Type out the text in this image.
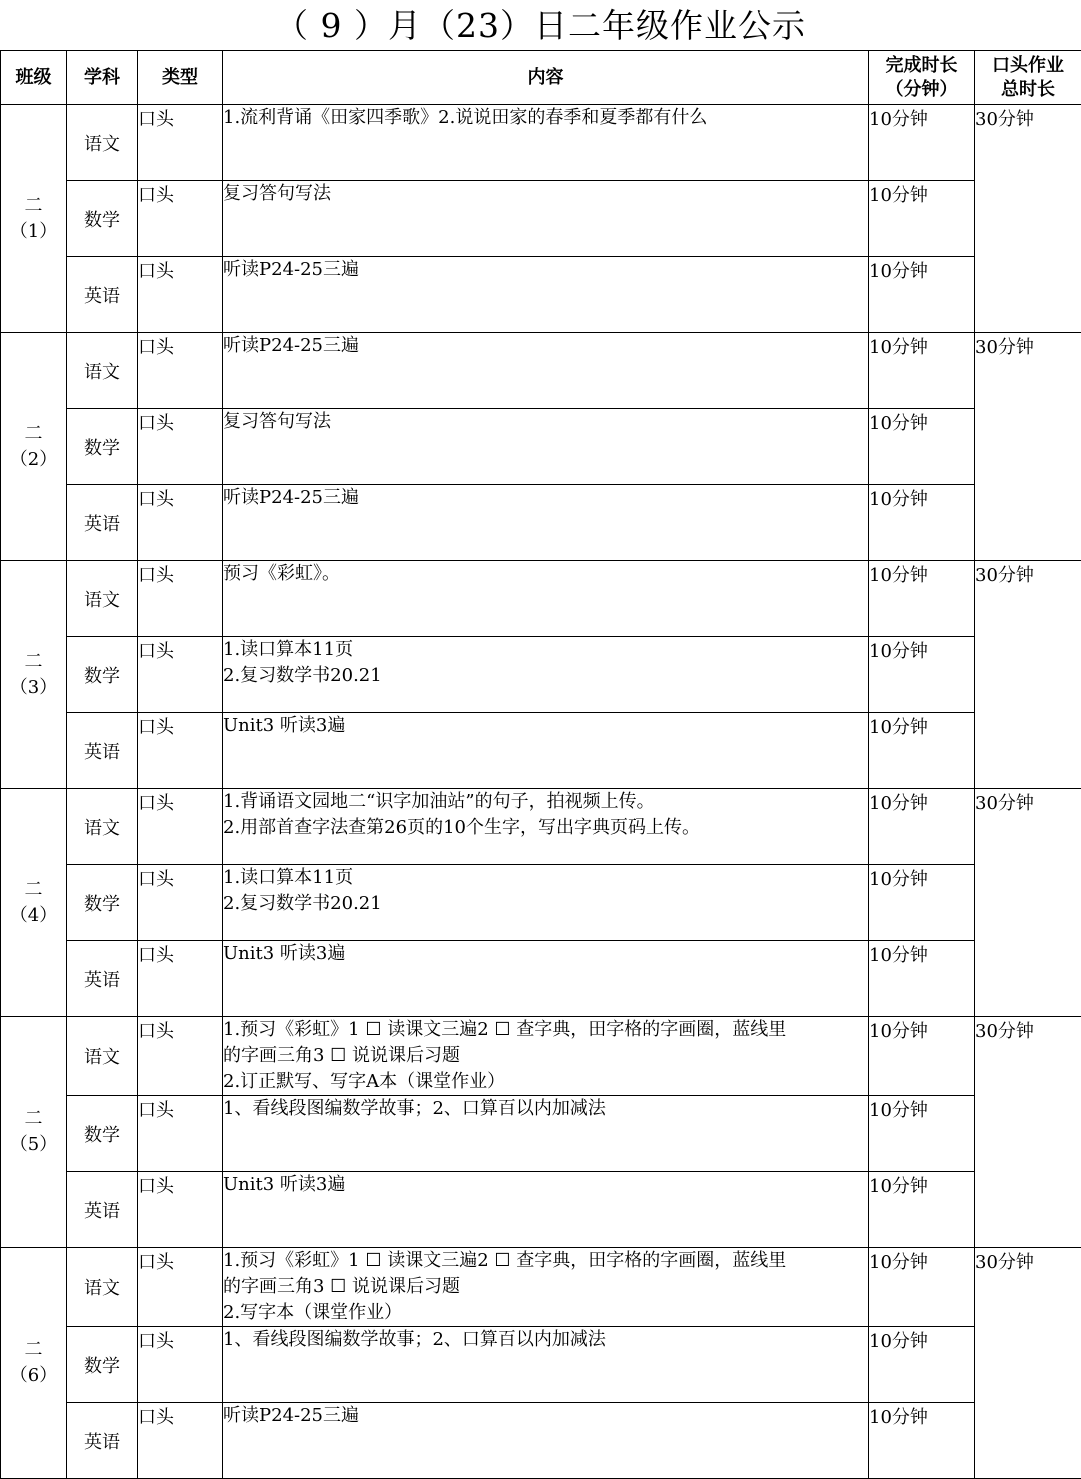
（ 9 ）月（23）日二年级作业公示
班级	学科	类型	内容	完成时长
（分钟）	口头作业
总时长

二
（1）	语文	口头	1.流利背诵《田家四季歌》2.说说田家的春季和夏季都有什么	10分钟	30分钟
	数学	口头	复习答句写法	10分钟	
	英语	口头	听读P24-25三遍	10分钟	

二
（2）	语文	口头	听读P24-25三遍	10分钟	30分钟
	数学	口头	复习答句写法	10分钟	
	英语	口头	听读P24-25三遍	10分钟	

二
（3）	语文	口头	预习《彩虹》。	10分钟	30分钟
	数学	口头	1.读口算本11页
2.复习数学书20.21	10分钟	
	英语	口头	Unit3 听读3遍	10分钟	

二
（4）	语文	口头	1.背诵语文园地二“识字加油站”的句子，拍视频上传。
2.用部首查字法查第26页的10个生字，写出字典页码上传。	10分钟	30分钟
	数学	口头	1.读口算本11页
2.复习数学书20.21	10分钟	
	英语	口头	Unit3 听读3遍	10分钟	

二
（5）	语文	口头	1.预习《彩虹》1 ☐ 读课文三遍2 ☐ 查字典，田字格的字画圈，蓝线里
的字画三角3 ☐ 说说课后习题
2.订正默写、写字A本（课堂作业）	10分钟	30分钟
	数学	口头	1、看线段图编数学故事；2、口算百以内加减法	10分钟	
	英语	口头	Unit3 听读3遍	10分钟	

二
（6）	语文	口头	1.预习《彩虹》1 ☐ 读课文三遍2 ☐ 查字典，田字格的字画圈，蓝线里
的字画三角3 ☐ 说说课后习题
2.写字本（课堂作业）	10分钟	30分钟
	数学	口头	1、看线段图编数学故事；2、口算百以内加减法	10分钟	
	英语	口头	听读P24-25三遍	10分钟	
